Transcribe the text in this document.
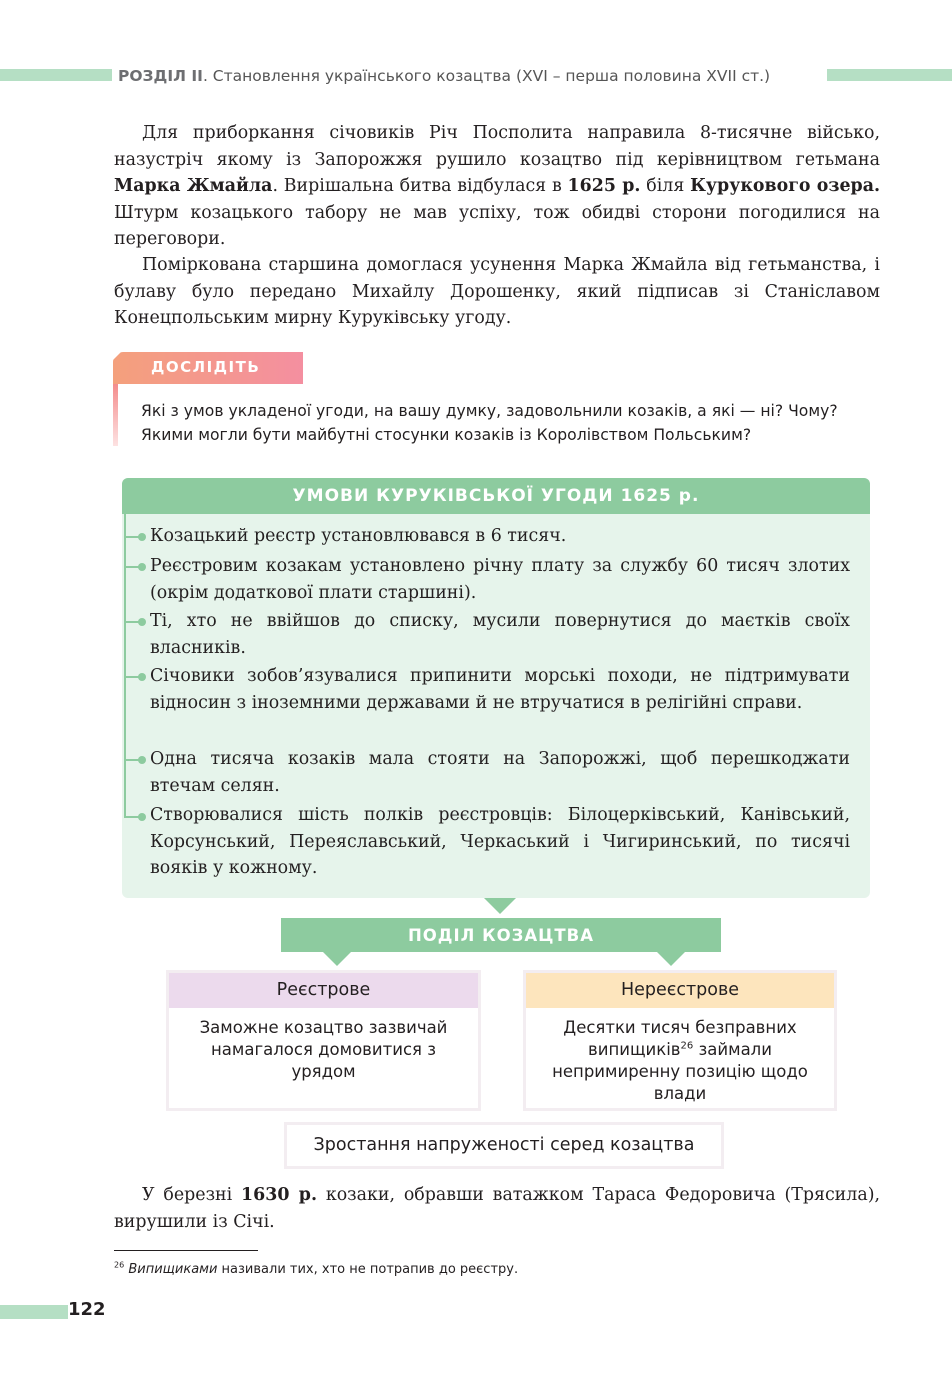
РОЗДІЛ II. Становлення українського козацтва (XVI – перша половина XVII ст.)
Для приборкання січовиків Річ Посполита направила 8-тисячне військо, назустріч якому із Запорожжя рушило козацтво під керівництвом гетьмана Марка Жмайла. Вирішальна битва відбулася в 1625 р. біля Курукового озера. Штурм козацького табору не мав успіху, тож обидві сторони погодилися на переговори.
Поміркована старшина домоглася усунення Марка Жмайла від гетьманства, і булаву було передано Михайлу Дорошенку, який підписав зі Станіславом Конецпольським мирну Куруківську угоду.
ДОСЛІДІТЬ
Які з умов укладеної угоди, на вашу думку, задовольнили козаків, а які — ні? Чому? Якими могли бути майбутні стосунки козаків із Королівством Польським?
УМОВИ КУРУКІВСЬКОЇ УГОДИ 1625 р.
Козацький реєстр установлювався в 6 тисяч.
Реєстровим козакам установлено річну плату за службу 60 тисяч злотих (окрім додаткової плати старшині).
Ті, хто не ввійшов до списку, мусили повернутися до маєтків своїх власників.
Січовики зобов’язувалися припинити морські походи, не підтримувати відносин з іноземними державами й не втручатися в релігійні справи.
Одна тисяча козаків мала стояти на Запорожжі, щоб перешкоджати втечам селян.
Створювалися шість полків реєстровців: Білоцерківський, Канівський, Корсунський, Переяславський, Черкаський і Чигиринський, по тисячі вояків у кожному.
ПОДІЛ КОЗАЦТВА
Реєстрове
Заможне козацтво зазвичай намагалося домовитися з урядом
Нереєстрове
Десятки тисяч безправних випищиків$^{26}$ займали непримиренну позицію щодо влади
Зростання напруженості серед козацтва
У березні 1630 р. козаки, обравши ватажком Тараса Федоровича (Трясила), вирушили із Січі.
$^{26}$ Випищиками називали тих, хто не потрапив до реєстру.
122
